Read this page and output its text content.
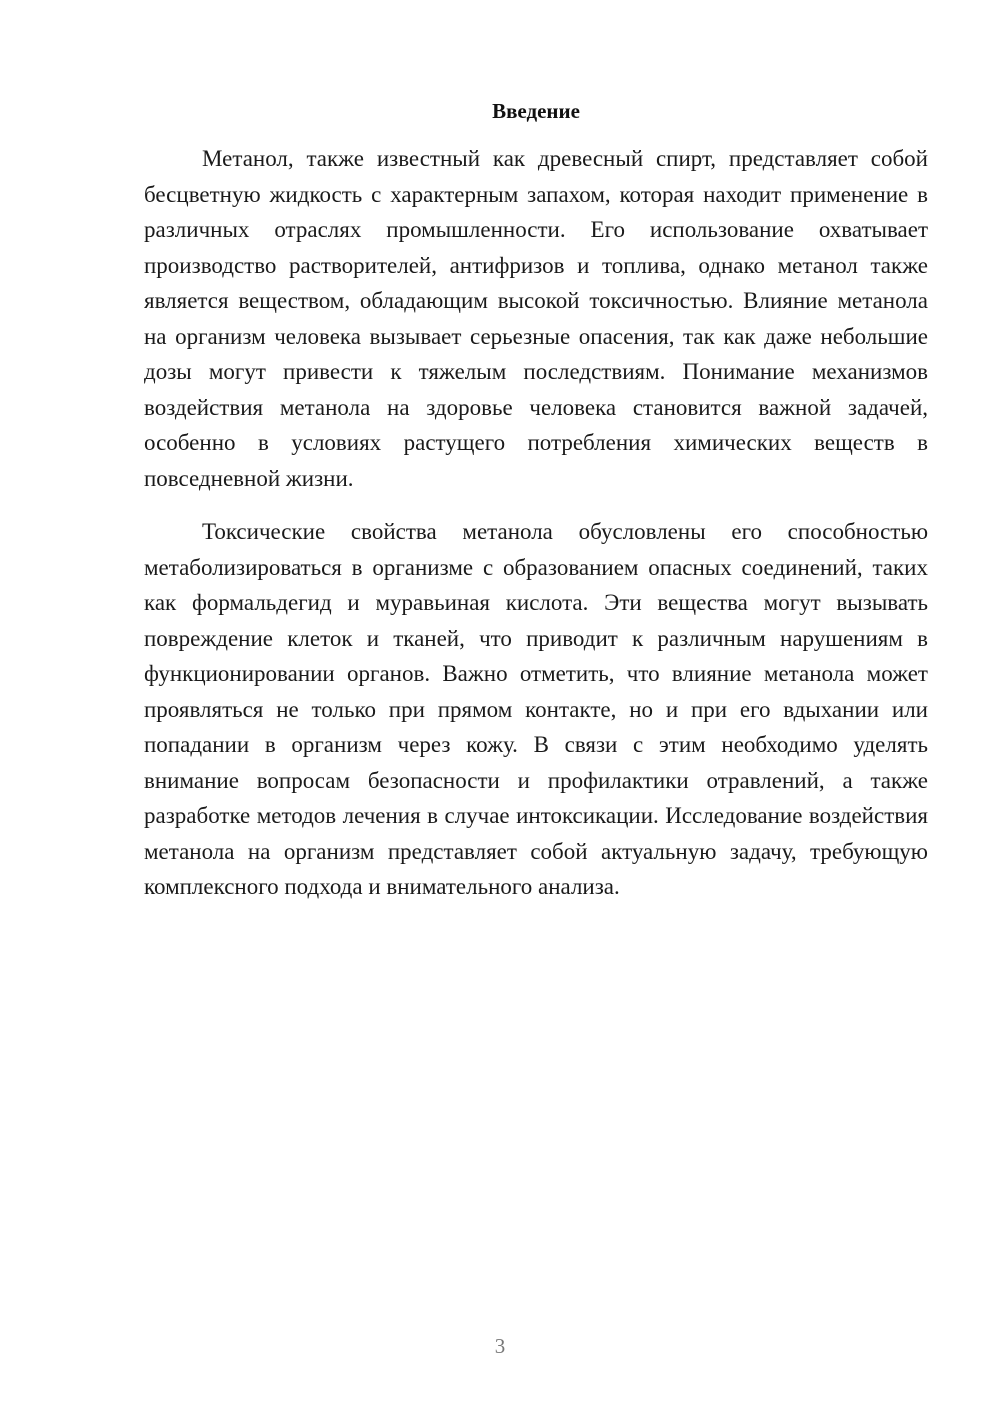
Введение

Метанол, также известный как древесный спирт, представляет собой бесцветную жидкость с характерным запахом, которая находит применение в различных отраслях промышленности. Его использование охватывает производство растворителей, антифризов и топлива, однако метанол также является веществом, обладающим высокой токсичностью. Влияние метанола на организм человека вызывает серьезные опасения, так как даже небольшие дозы могут привести к тяжелым последствиям. Понимание механизмов воздействия метанола на здоровье человека становится важной задачей, особенно в условиях растущего потребления химических веществ в повседневной жизни.

Токсические свойства метанола обусловлены его способностью метаболизироваться в организме с образованием опасных соединений, таких как формальдегид и муравьиная кислота. Эти вещества могут вызывать повреждение клеток и тканей, что приводит к различным нарушениям в функционировании органов. Важно отметить, что влияние метанола может проявляться не только при прямом контакте, но и при его вдыхании или попадании в организм через кожу. В связи с этим необходимо уделять внимание вопросам безопасности и профилактики отравлений, а также разработке методов лечения в случае интоксикации. Исследование воздействия метанола на организм представляет собой актуальную задачу, требующую комплексного подхода и внимательного анализа.

3
